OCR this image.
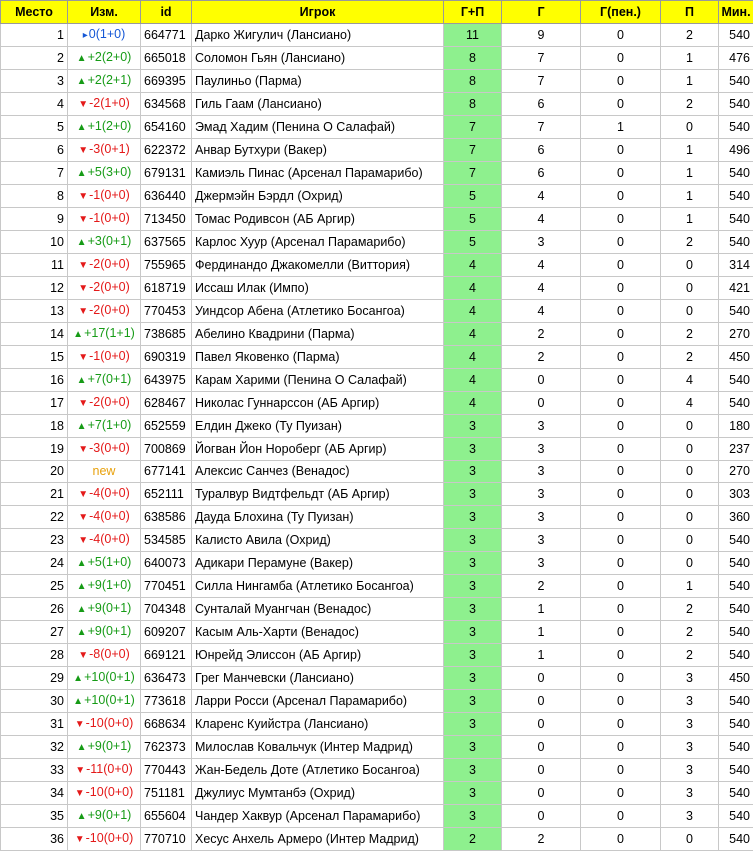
Место	Изм.	id	Игрок	Г+П	Г	Г(пен.)	П	Мин.
1	▸0(1+0)	664771	Дарко Жигулич (Лансиано)	11	9	0	2	540
2	▲+2(2+0)	665018	Соломон Гьян (Лансиано)	8	7	0	1	476
3	▲+2(2+1)	669395	Паулиньо (Парма)	8	7	0	1	540
4	▼-2(1+0)	634568	Гиль Гаам (Лансиано)	8	6	0	2	540
5	▲+1(2+0)	654160	Эмад Хадим (Пенина О Салафай)	7	7	1	0	540
6	▼-3(0+1)	622372	Анвар Бутхури (Вакер)	7	6	0	1	496
7	▲+5(3+0)	679131	Камиэль Пинас (Арсенал Парамарибо)	7	6	0	1	540
8	▼-1(0+0)	636440	Джермэйн Бэрдл (Охрид)	5	4	0	1	540
9	▼-1(0+0)	713450	Томас Родивсон (АБ Аргир)	5	4	0	1	540
10	▲+3(0+1)	637565	Карлос Хуур (Арсенал Парамарибо)	5	3	0	2	540
11	▼-2(0+0)	755965	Фердинандо Джакомелли (Виттория)	4	4	0	0	314
12	▼-2(0+0)	618719	Иссаш Илак (Импо)	4	4	0	0	421
13	▼-2(0+0)	770453	Уиндсор Абена (Атлетико Босангоа)	4	4	0	0	540
14	▲+17(1+1)	738685	Абелино Квадрини (Парма)	4	2	0	2	270
15	▼-1(0+0)	690319	Павел Яковенко (Парма)	4	2	0	2	450
16	▲+7(0+1)	643975	Карам Харими (Пенина О Салафай)	4	0	0	4	540
17	▼-2(0+0)	628467	Николас Гуннарссон (АБ Аргир)	4	0	0	4	540
18	▲+7(1+0)	652559	Елдин Джеко (Ту Пуизан)	3	3	0	0	180
19	▼-3(0+0)	700869	Йогван Йон Нороберг (АБ Аргир)	3	3	0	0	237
20	new	677141	Алексис Санчез (Венадос)	3	3	0	0	270
21	▼-4(0+0)	652111	Туралвур Видтфельдт (АБ Аргир)	3	3	0	0	303
22	▼-4(0+0)	638586	Дауда Блохина (Ту Пуизан)	3	3	0	0	360
23	▼-4(0+0)	534585	Калисто Авила (Охрид)	3	3	0	0	540
24	▲+5(1+0)	640073	Адикари Перамуне (Вакер)	3	3	0	0	540
25	▲+9(1+0)	770451	Силла Нингамба (Атлетико Босангоа)	3	2	0	1	540
26	▲+9(0+1)	704348	Сунталай Муангчан (Венадос)	3	1	0	2	540
27	▲+9(0+1)	609207	Касым Аль-Харти (Венадос)	3	1	0	2	540
28	▼-8(0+0)	669121	Юнрейд Элиссон (АБ Аргир)	3	1	0	2	540
29	▲+10(0+1)	636473	Грег Манчевски (Лансиано)	3	0	0	3	450
30	▲+10(0+1)	773618	Ларри Росси (Арсенал Парамарибо)	3	0	0	3	540
31	▼-10(0+0)	668634	Кларенс Куийстра (Лансиано)	3	0	0	3	540
32	▲+9(0+1)	762373	Милослав Ковальчук (Интер Мадрид)	3	0	0	3	540
33	▼-11(0+0)	770443	Жан-Бедель Доте (Атлетико Босангоа)	3	0	0	3	540
34	▼-10(0+0)	751181	Джулиус Мумтанбэ (Охрид)	3	0	0	3	540
35	▲+9(0+1)	655604	Чандер Хаквур (Арсенал Парамарибо)	3	0	0	3	540
36	▼-10(0+0)	770710	Хесус Анхель Армеро (Интер Мадрид)	2	2	0	0	540
